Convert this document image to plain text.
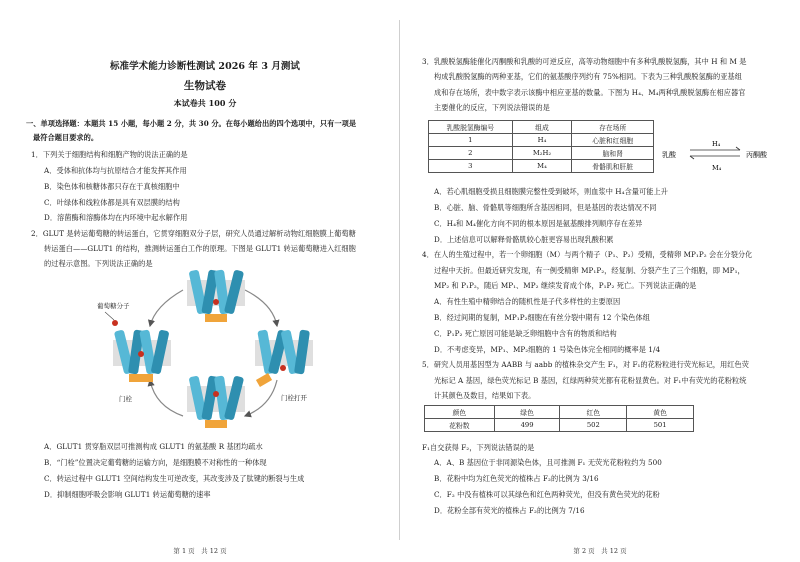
标准学术能力诊断性测试 2026 年 3 月测试
生物试卷
本试卷共 100 分
一、单项选择题：本题共 15 小题，每小题 2 分，共 30 分。在每小题给出的四个选项中，只有一项是
最符合题目要求的。
1．下列关于细胞结构和细胞产物的说法正确的是
A．受体和抗体均与抗原结合才能发挥其作用
B．染色体和核糖体都只存在于真核细胞中
C．叶绿体和线粒体都是具有双层膜的结构
D．溶菌酶和溶酶体均在内环境中起水解作用
2．GLUT 是转运葡萄糖的转运蛋白，它贯穿细胞双分子层，研究人员通过解析动物红细胞膜上葡萄糖
转运蛋白——GLUT1 的结构，推测转运蛋白工作的原理。下图是 GLUT1 转运葡萄糖进入红细胞
的过程示意图。下列说法正确的是
葡萄糖分子
门栓	门栓打开
A．GLUT1 贯穿脂双层可推测构成 GLUT1 的氨基酸 R 基团均疏水
B．“门栓”位置决定葡萄糖的运输方向，是细胞膜不对称性的一种体现
C．转运过程中 GLUT1 空间结构发生可逆改变，其改变涉及了肽键的断裂与生成
D．抑制细胞呼吸会影响 GLUT1 转运葡萄糖的速率
第 1 页　共 12 页
3．乳酸脱氢酶能催化丙酮酸和乳酸的可逆反应，高等动物细胞中有多种乳酸脱氢酶，其中 H 和 M 是
构成乳酸脱氢酶的两种亚基，它们的氨基酸序列约有 75%相同。下表为三种乳酸脱氢酶的亚基组
成和存在场所，表中数字表示该酶中相应亚基的数量。下图为 H₄、M₄两种乳酸脱氢酶在相应器官
主要催化的反应，下列说法错误的是
乳酸脱氢酶编号	组成	存在场所
1	H₄	心脏和红细胞
2	M₂H₂	脑和肾
3	M₄	骨骼肌和肝脏
乳酸	丙酮酸
H₄
M₄
A．若心肌细胞受损且细胞膜完整性受到破坏，则血浆中 H₄含量可能上升
B．心脏、脑、骨骼肌等细胞所含基因相同，但是基因的表达情况不同
C．H₄和 M₄催化方向不同的根本原因是氨基酸排列顺序存在差异
D．上述信息可以解释骨骼肌较心脏更容易出现乳酸积累
4．在人的生殖过程中，若一个卵细胞（M）与两个精子（P₁、P₂）受精，受精卵 MP₁P₂ 会在分裂分化
过程中天折。但最近研究发现，有一例受精卵 MP₁P₂，经复制、分裂产生了三个细胞，即 MP₁，
MP₂ 和 P₁P₂，随后 MP₁、MP₂ 继续发育成个体，P₁P₂ 死亡。下列说法正确的是
A．有性生殖中精卵结合的随机性是子代多样性的主要原因
B．经过间期的复制，MP₁P₂细胞在有丝分裂中期有 12 个染色体组
C．P₁P₂ 死亡原因可能是缺乏卵细胞中含有的物质和结构
D．不考虑变异，MP₁、MP₂细胞的 1 号染色体完全相同的概率是 1/4
5．研究人员用基因型为 AABB 与 aabb 的植株杂交产生 F₁，对 F₁的花粉粒进行荧光标记，用红色荧
光标记 A 基因，绿色荧光标记 B 基因，红绿两种荧光都有花粉显黄色。对 F₁中有荧光的花粉粒统
计其颜色及数目，结果如下表。
颜色	绿色	红色	黄色
花粉数	499	502	501
F₁自交获得 F₂，下列说法错误的是
A．A、B 基因位于非同源染色体，且可推测 F₁ 无荧光花粉粒约为 500
B．花粉中均为红色荧光的植株占 F₂的比例为 3/16
C．F₂ 中没有植株可以其绿色和红色两种荧光，但没有黄色荧光的花粉
D．花粉全部有荧光的植株占 F₂的比例为 7/16
第 2 页　共 12 页
